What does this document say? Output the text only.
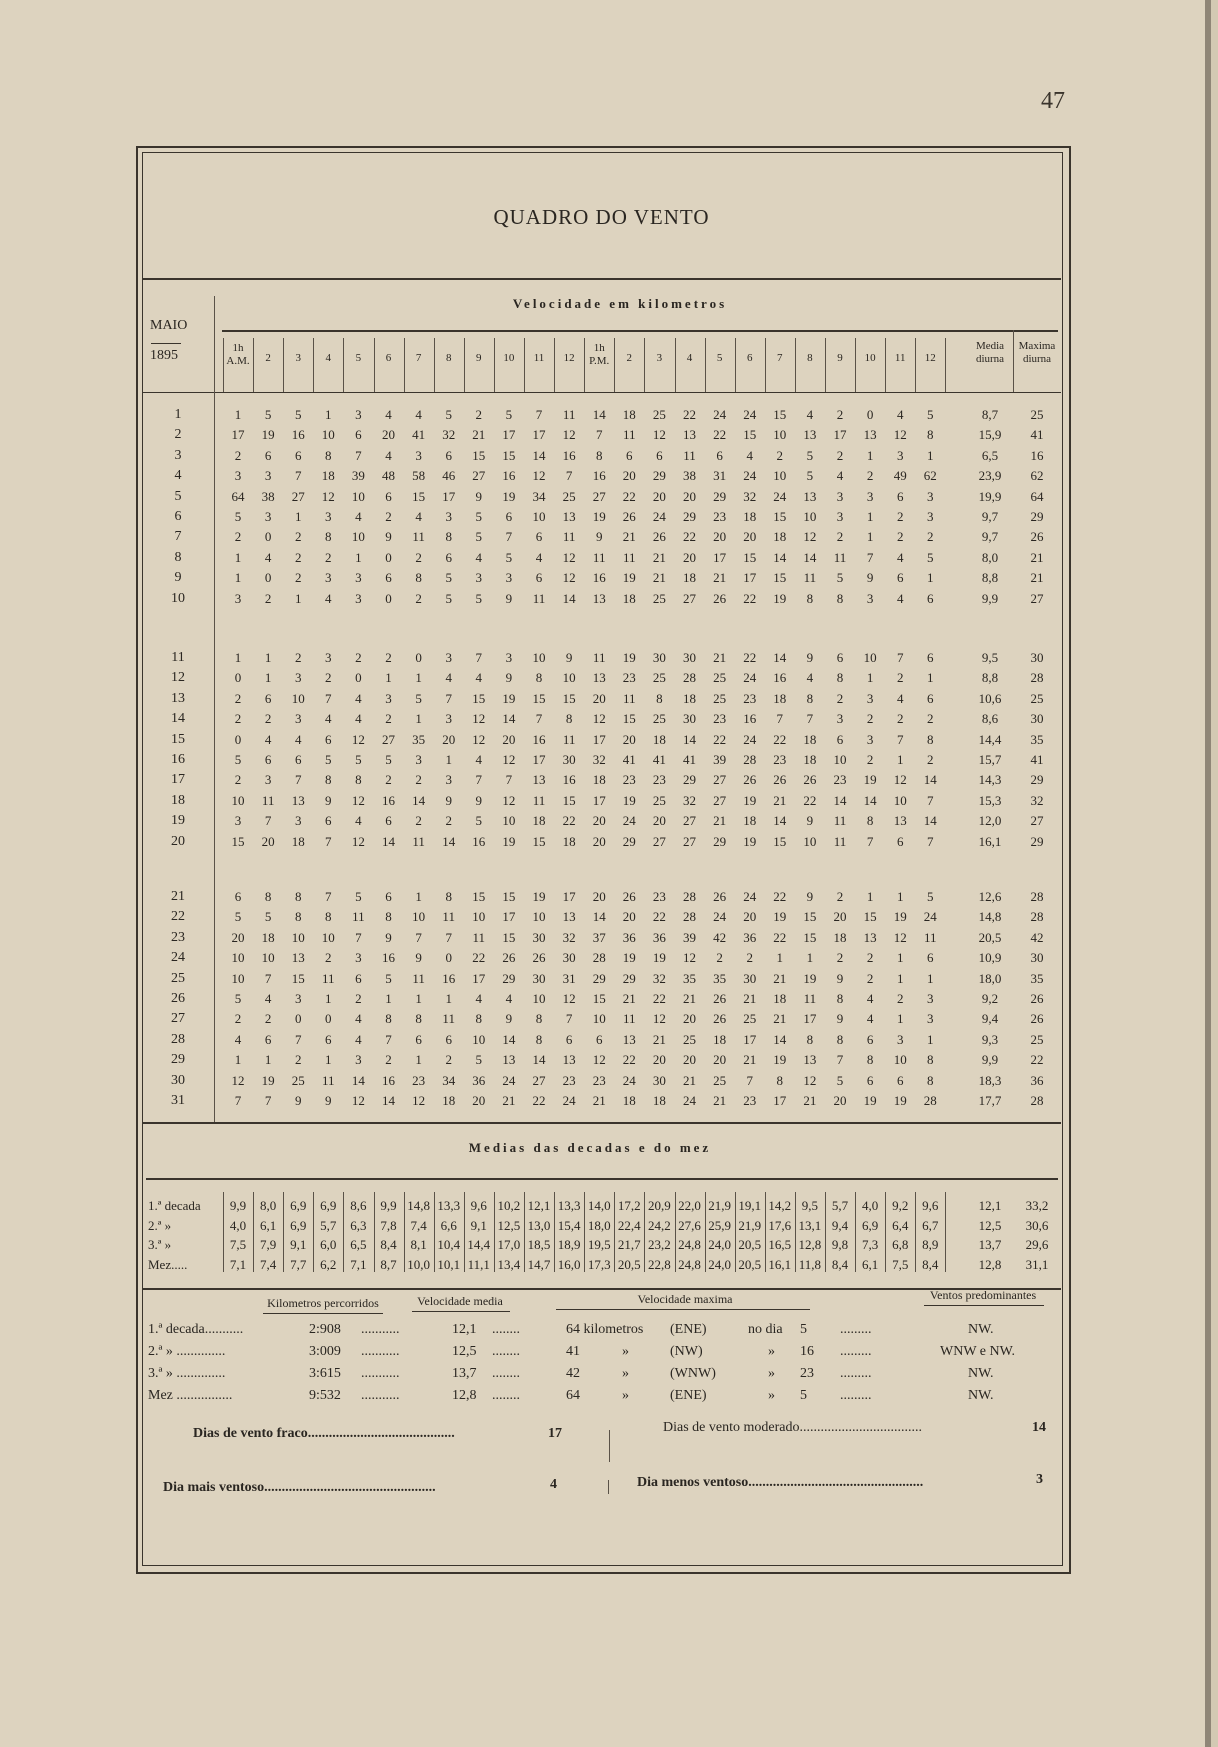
47
QUADRO DO VENTO
Velocidade em kilometros
MAIO
1895	1h A.M.	2	3	4	5	6	7	8	9	10	11	12
1h P.M.	2	3	4	5	6	7	8	9	10	11	12
Media diurna
Maxima diurna
1	1	5	5	1	3	4	4	5	2	5	7	11	14	18	25	22	24	24	15	4	2	0	4	5	8,7	25
2	17	19	16	10	6	20	41	32	21	17	17	12	7	11	12	13	22	15	10	13	17	13	12	8	15,9	41
3	2	6	6	8	7	4	3	6	15	15	14	16	8	6	6	11	6	4	2	5	2	1	3	1	6,5	16
4	3	3	7	18	39	48	58	46	27	16	12	7	16	20	29	38	31	24	10	5	4	2	49	62	23,9	62
5	64	38	27	12	10	6	15	17	9	19	34	25	27	22	20	20	29	32	24	13	3	3	6	3	19,9	64
6	5	3	1	3	4	2	4	3	5	6	10	13	19	26	24	29	23	18	15	10	3	1	2	3	9,7	29
7	2	0	2	8	10	9	11	8	5	7	6	11	9	21	26	22	20	20	18	12	2	1	2	2	9,7	26
8	1	4	2	2	1	0	2	6	4	5	4	12	11	11	21	20	17	15	14	14	11	7	4	5	8,0	21
9	1	0	2	3	3	6	8	5	3	3	6	12	16	19	21	18	21	17	15	11	5	9	6	1	8,8	21
10	3	2	1	4	3	0	2	5	5	9	11	14	13	18	25	27	26	22	19	8	8	3	4	6	9,9	27
11	1	1	2	3	2	2	0	3	7	3	10	9	11	19	30	30	21	22	14	9	6	10	7	6	9,5	30
12	0	1	3	2	0	1	1	4	4	9	8	10	13	23	25	28	25	24	16	4	8	1	2	1	8,8	28
13	2	6	10	7	4	3	5	7	15	19	15	15	20	11	8	18	25	23	18	8	2	3	4	6	10,6	25
14	2	2	3	4	4	2	1	3	12	14	7	8	12	15	25	30	23	16	7	7	3	2	2	2	8,6	30
15	0	4	4	6	12	27	35	20	12	20	16	11	17	20	18	14	22	24	22	18	6	3	7	8	14,4	35
16	5	6	6	5	5	5	3	1	4	12	17	30	32	41	41	41	39	28	23	18	10	2	1	2	15,7	41
17	2	3	7	8	8	2	2	3	7	7	13	16	18	23	23	29	27	26	26	26	23	19	12	14	14,3	29
18	10	11	13	9	12	16	14	9	9	12	11	15	17	19	25	32	27	19	21	22	14	14	10	7	15,3	32
19	3	7	3	6	4	6	2	2	5	10	18	22	20	24	20	27	21	18	14	9	11	8	13	14	12,0	27
20	15	20	18	7	12	14	11	14	16	19	15	18	20	29	27	27	29	19	15	10	11	7	6	7	16,1	29
21	6	8	8	7	5	6	1	8	15	15	19	17	20	26	23	28	26	24	22	9	2	1	1	5	12,6	28
22	5	5	8	8	11	8	10	11	10	17	10	13	14	20	22	28	24	20	19	15	20	15	19	24	14,8	28
23	20	18	10	10	7	9	7	7	11	15	30	32	37	36	36	39	42	36	22	15	18	13	12	11	20,5	42
24	10	10	13	2	3	16	9	0	22	26	26	30	28	19	19	12	2	2	1	1	2	2	1	6	10,9	30
25	10	7	15	11	6	5	11	16	17	29	30	31	29	29	32	35	35	30	21	19	9	2	1	1	18,0	35
26	5	4	3	1	2	1	1	1	4	4	10	12	15	21	22	21	26	21	18	11	8	4	2	3	9,2	26
27	2	2	0	0	4	8	8	11	8	9	8	7	10	11	12	20	26	25	21	17	9	4	1	3	9,4	26
28	4	6	7	6	4	7	6	6	10	14	8	6	6	13	21	25	18	17	14	8	8	6	3	1	9,3	25
29	1	1	2	1	3	2	1	2	5	13	14	13	12	22	20	20	20	21	19	13	7	8	10	8	9,9	22
30	12	19	25	11	14	16	23	34	36	24	27	23	23	24	30	21	25	7	8	12	5	6	6	8	18,3	36
31	7	7	9	9	12	14	12	18	20	21	22	24	21	18	18	24	21	23	17	21	20	19	19	28	17,7	28
Medias das decadas e do mez
1.ª decada	9,9	8,0	6,9	6,9	8,6	9,9 14,8 13,3 9,6 10,2 12,1 13,3 14,0 17,2 20,9 22,0 21,9 19,1 14,2 9,5	5,7	4,0	9,2	9,6	12,1	33,2
2.ª »	4,0	6,1	6,9	5,7	6,3	7,8	7,4	6,6	9,1 12,5 13,0 15,4 18,0 22,4 24,2 27,6 25,9 21,9 17,6 13,1 9,4	6,9	6,4	6,7	12,5	30,6
3.ª »	7,5	7,9	9,1	6,0	6,5	8,4	8,1 10,4 14,4 17,0 18,5 18,9 19,5 21,7 23,2 24,8 24,0 20,5 16,5 12,8 9,8	7,3	6,8	8,9	13,7	29,6
Mez.....	7,1	7,4	7,7	6,2	7,1	8,7 10,0 10,1 11,1 13,4 14,7 16,0 17,3 20,5 22,8 24,8 24,0 20,5 16,1 11,8 8,4	6,1	7,5	8,4	12,8	31,1
Kilometros percorridos	Velocidade media	Velocidade maxima	Ventos predominantes
1.ª decada...........	2:908 ...........	12,1 ........	64 kilometros (ENE)	no dia 5 .........	NW.
2.ª » ..............	3:009 ...........	12,5 ........	41	»	(NW)	» 16 .........	WNW e NW.
3.ª » ..............	3:615 ...........	13,7 ........	42	»	(WNW)	» 23 .........	NW.
Mez ................	9:532 ...........	12,8 ........	64	»	(ENE)	» 5 .........	NW.
Dias de vento fraco..........................................	17	Dias de vento moderado...................................	14
Dia mais ventoso.................................................	4	Dia menos ventoso..................................................	3
